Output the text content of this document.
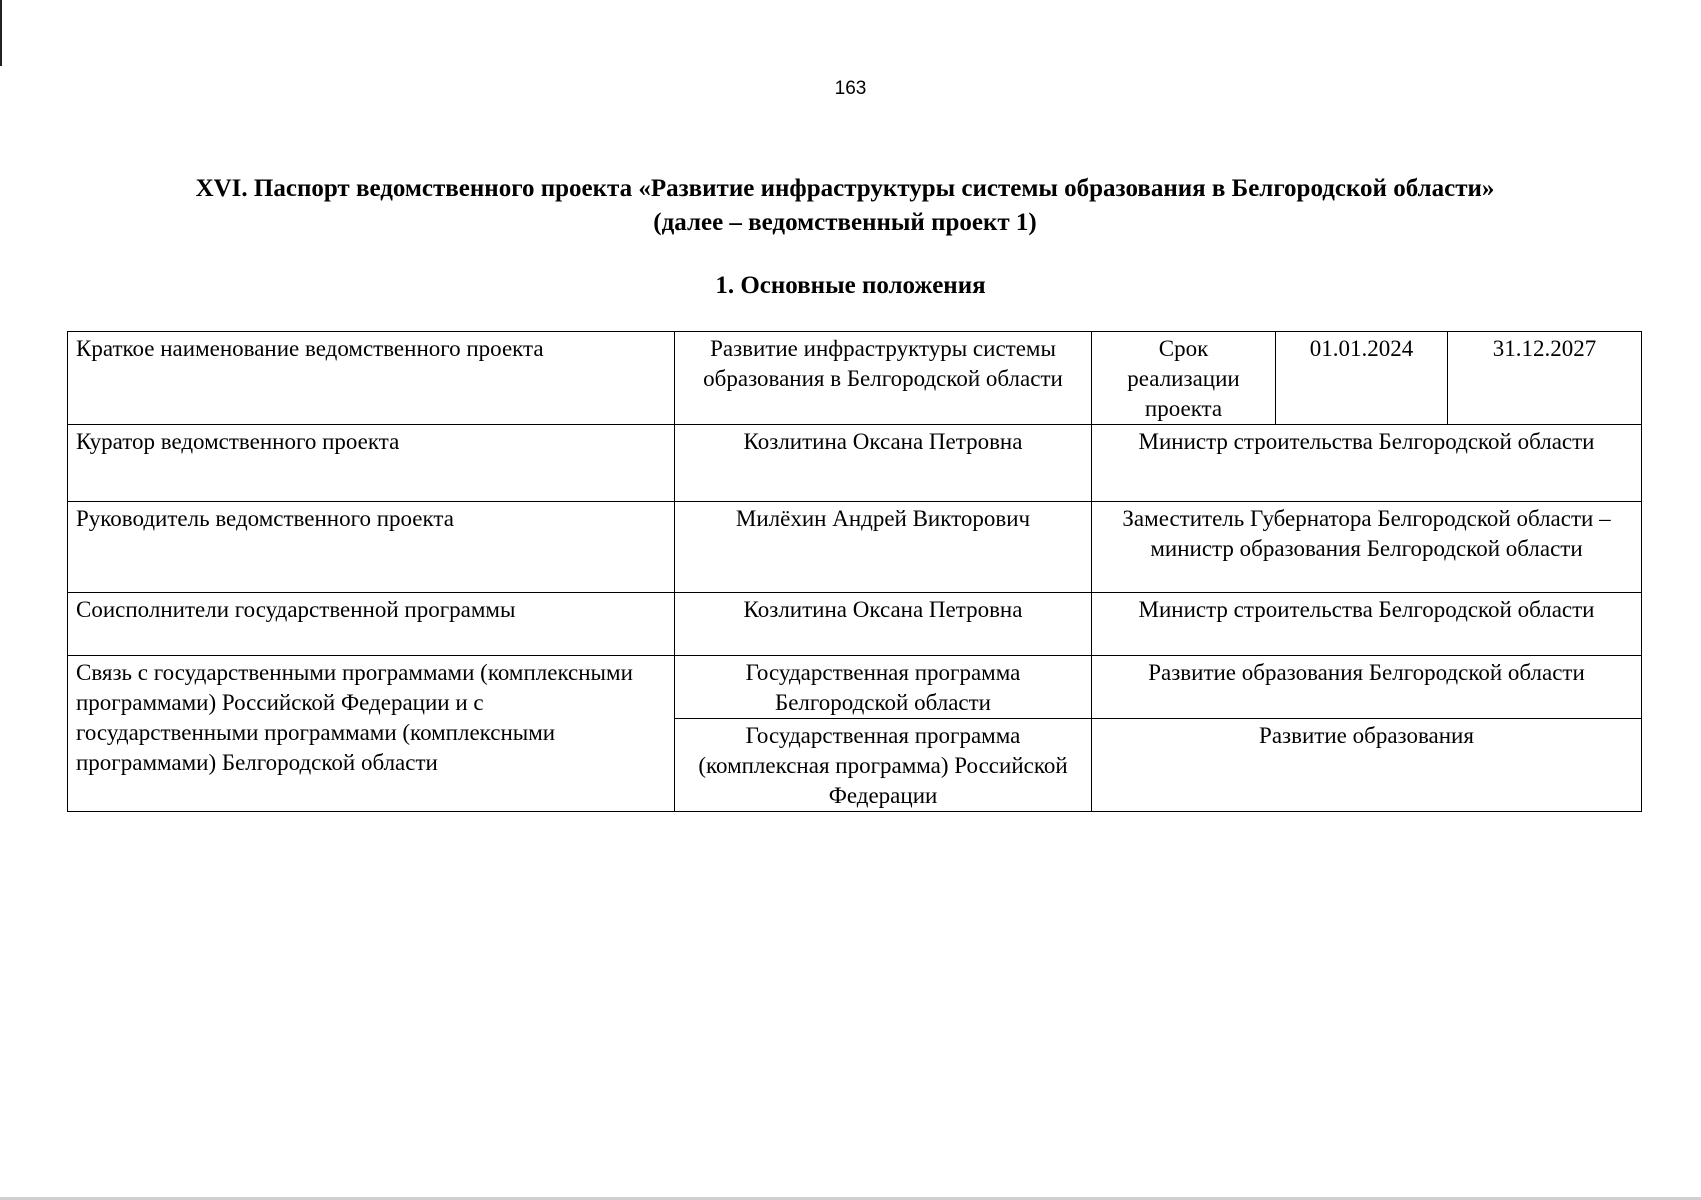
163
XVI. Паспорт ведомственного проекта «Развитие инфраструктуры системы образования в Белгородской области»
(далее – ведомственный проект 1)
1. Основные положения
Краткое наименование ведомственного проекта	Развитие инфраструктуры системы образования в Белгородской области	Срок реализации проекта	01.01.2024	31.12.2027
Куратор ведомственного проекта	Козлитина Оксана Петровна	Министр строительства Белгородской области		
Руководитель ведомственного проекта	Милёхин Андрей Викторович	Заместитель Губернатора Белгородской области – министр образования Белгородской области		
Соисполнители государственной программы	Козлитина Оксана Петровна	Министр строительства Белгородской области		
Связь с государственными программами (комплексными программами) Российской Федерации и с государственными программами (комплексными программами) Белгородской области	Государственная программа Белгородской области	Развитие образования Белгородской области		
	Государственная программа (комплексная программа) Российской Федерации	Развитие образования		
